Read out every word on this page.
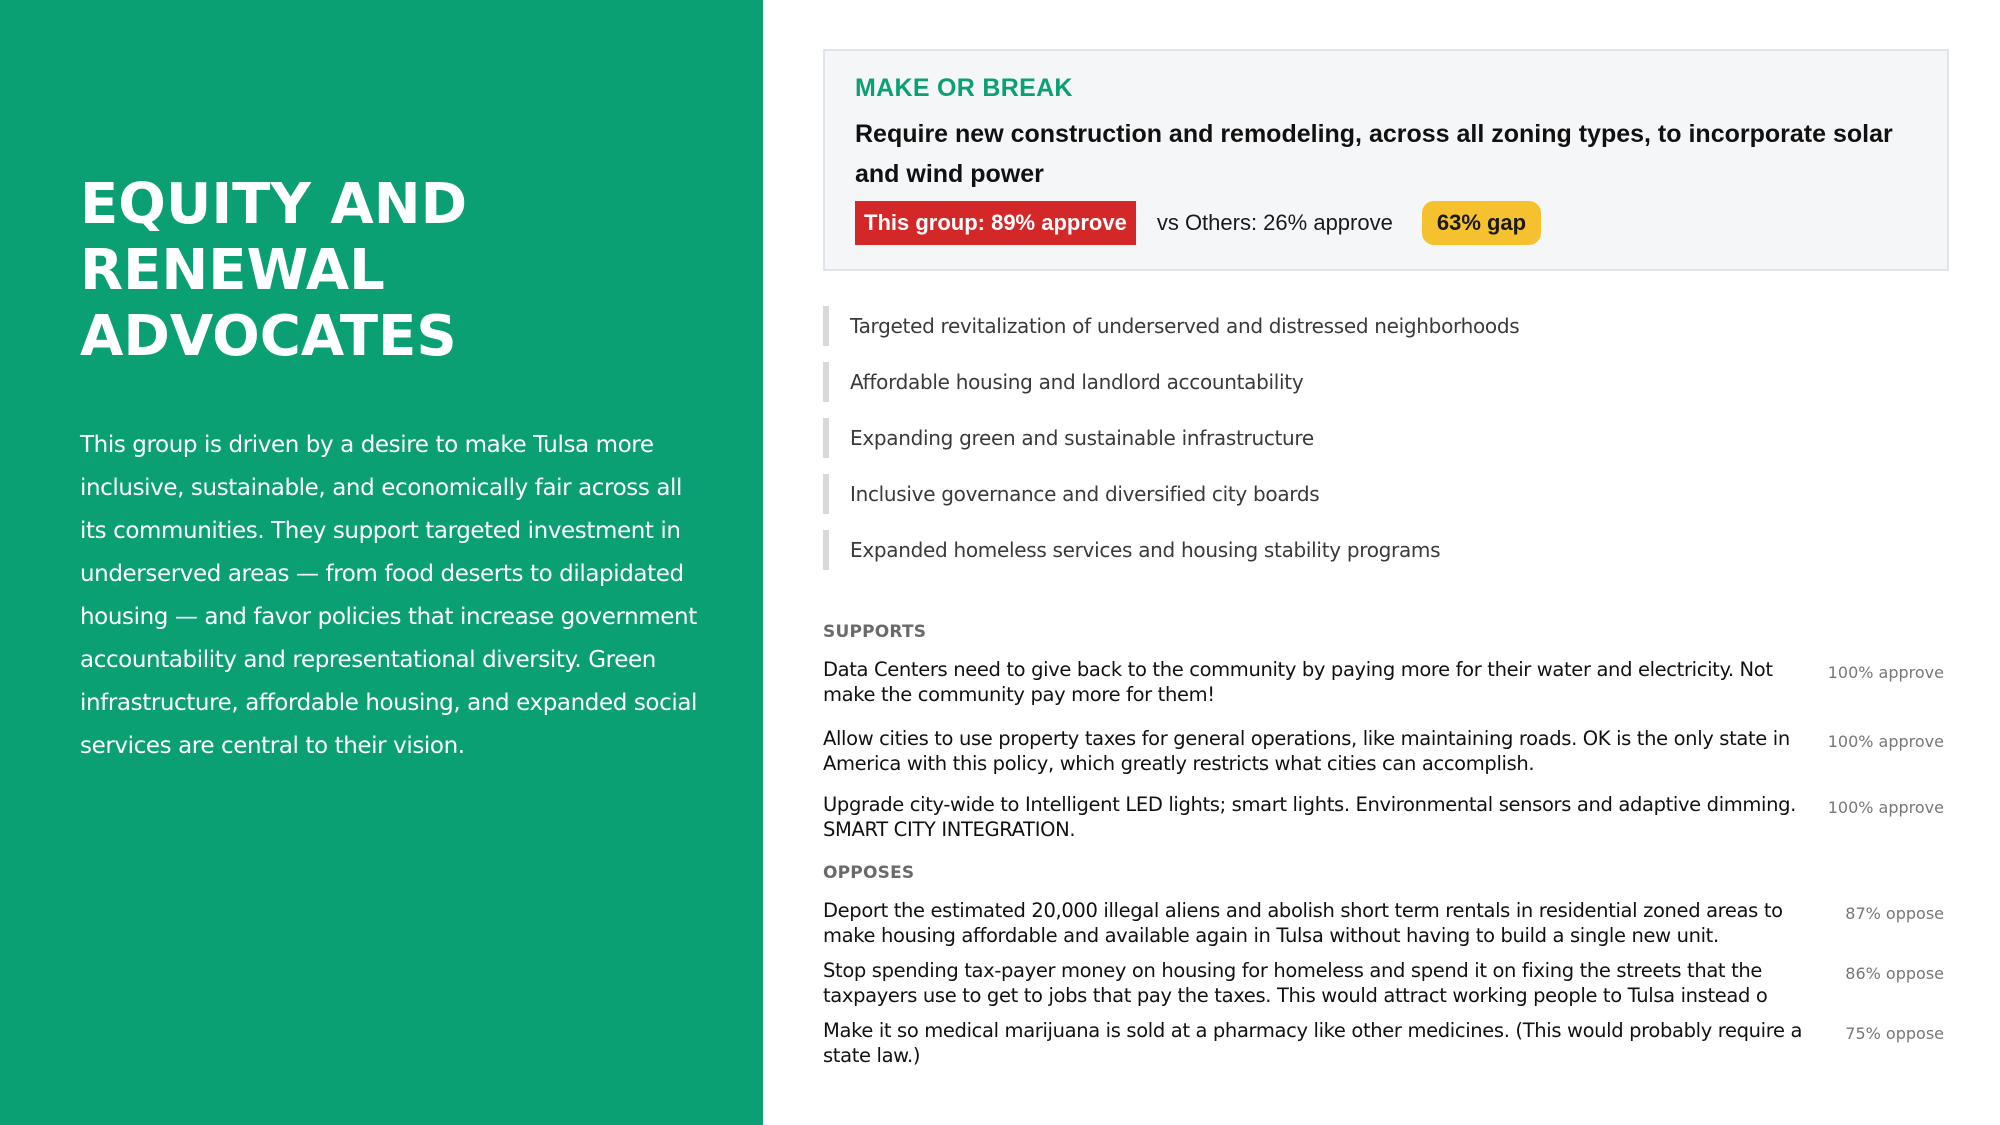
EQUITY AND RENEWAL ADVOCATES
This group is driven by a desire to make Tulsa more inclusive, sustainable, and economically fair across all its communities. They support targeted investment in underserved areas — from food deserts to dilapidated housing — and favor policies that increase government accountability and representational diversity. Green infrastructure, affordable housing, and expanded social services are central to their vision.
MAKE OR BREAK
Require new construction and remodeling, across all zoning types, to incorporate solar and wind power
This group: 89% approve	vs Others: 26% approve	63% gap
Targeted revitalization of underserved and distressed neighborhoods
Affordable housing and landlord accountability
Expanding green and sustainable infrastructure
Inclusive governance and diversified city boards
Expanded homeless services and housing stability programs
SUPPORTS
Data Centers need to give back to the community by paying more for their water and electricity. Not make the community pay more for them!
100% approve
Allow cities to use property taxes for general operations, like maintaining roads. OK is the only state in America with this policy, which greatly restricts what cities can accomplish.
100% approve
Upgrade city-wide to Intelligent LED lights; smart lights. Environmental sensors and adaptive dimming. SMART CITY INTEGRATION.
100% approve
OPPOSES
Deport the estimated 20,000 illegal aliens and abolish short term rentals in residential zoned areas to make housing affordable and available again in Tulsa without having to build a single new unit.
87% oppose
Stop spending tax-payer money on housing for homeless and spend it on fixing the streets that the taxpayers use to get to jobs that pay the taxes. This would attract working people to Tulsa instead o
86% oppose
Make it so medical marijuana is sold at a pharmacy like other medicines. (This would probably require a state law.)
75% oppose
